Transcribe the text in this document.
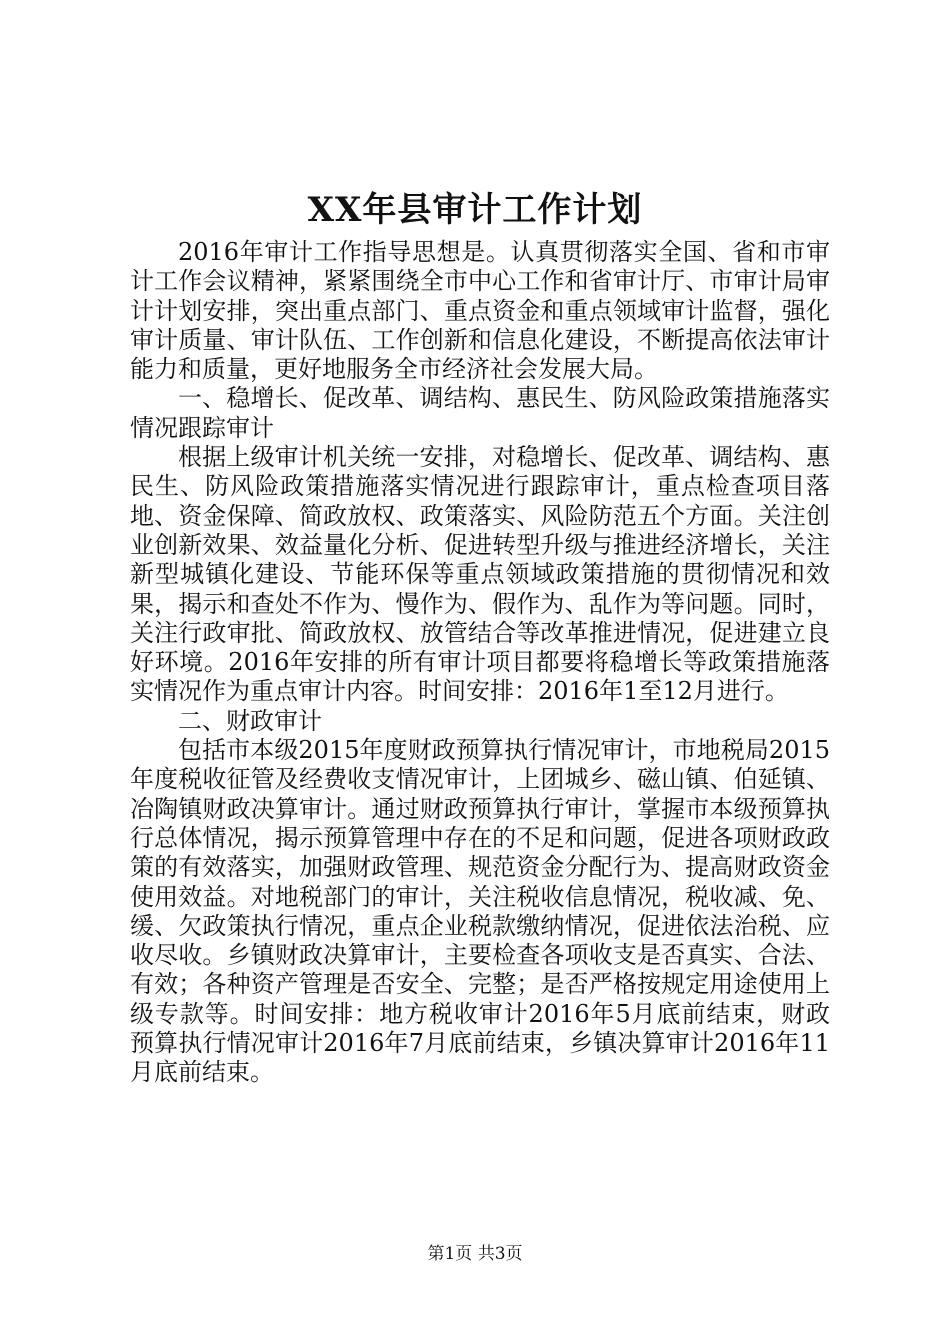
XX年县审计工作计划

2016年审计工作指导思想是。认真贯彻落实全国、省和市审计工作会议精神，紧紧围绕全市中心工作和省审计厅、市审计局审计计划安排，突出重点部门、重点资金和重点领域审计监督，强化审计质量、审计队伍、工作创新和信息化建设，不断提高依法审计能力和质量，更好地服务全市经济社会发展大局。

一、稳增长、促改革、调结构、惠民生、防风险政策措施落实情况跟踪审计

根据上级审计机关统一安排，对稳增长、促改革、调结构、惠民生、防风险政策措施落实情况进行跟踪审计，重点检查项目落地、资金保障、简政放权、政策落实、风险防范五个方面。关注创业创新效果、效益量化分析、促进转型升级与推进经济增长，关注新型城镇化建设、节能环保等重点领域政策措施的贯彻情况和效果，揭示和查处不作为、慢作为、假作为、乱作为等问题。同时，关注行政审批、简政放权、放管结合等改革推进情况，促进建立良好环境。2016年安排的所有审计项目都要将稳增长等政策措施落实情况作为重点审计内容。时间安排：2016年1至12月进行。

二、财政审计

包括市本级2015年度财政预算执行情况审计，市地税局2015年度税收征管及经费收支情况审计，上团城乡、磁山镇、伯延镇、冶陶镇财政决算审计。通过财政预算执行审计，掌握市本级预算执行总体情况，揭示预算管理中存在的不足和问题，促进各项财政政策的有效落实，加强财政管理、规范资金分配行为、提高财政资金使用效益。对地税部门的审计，关注税收信息情况，税收减、免、缓、欠政策执行情况，重点企业税款缴纳情况，促进依法治税、应收尽收。乡镇财政决算审计，主要检查各项收支是否真实、合法、有效；各种资产管理是否安全、完整；是否严格按规定用途使用上级专款等。时间安排：地方税收审计2016年5月底前结束，财政预算执行情况审计2016年7月底前结束，乡镇决算审计2016年11月底前结束。

第1页 共3页
